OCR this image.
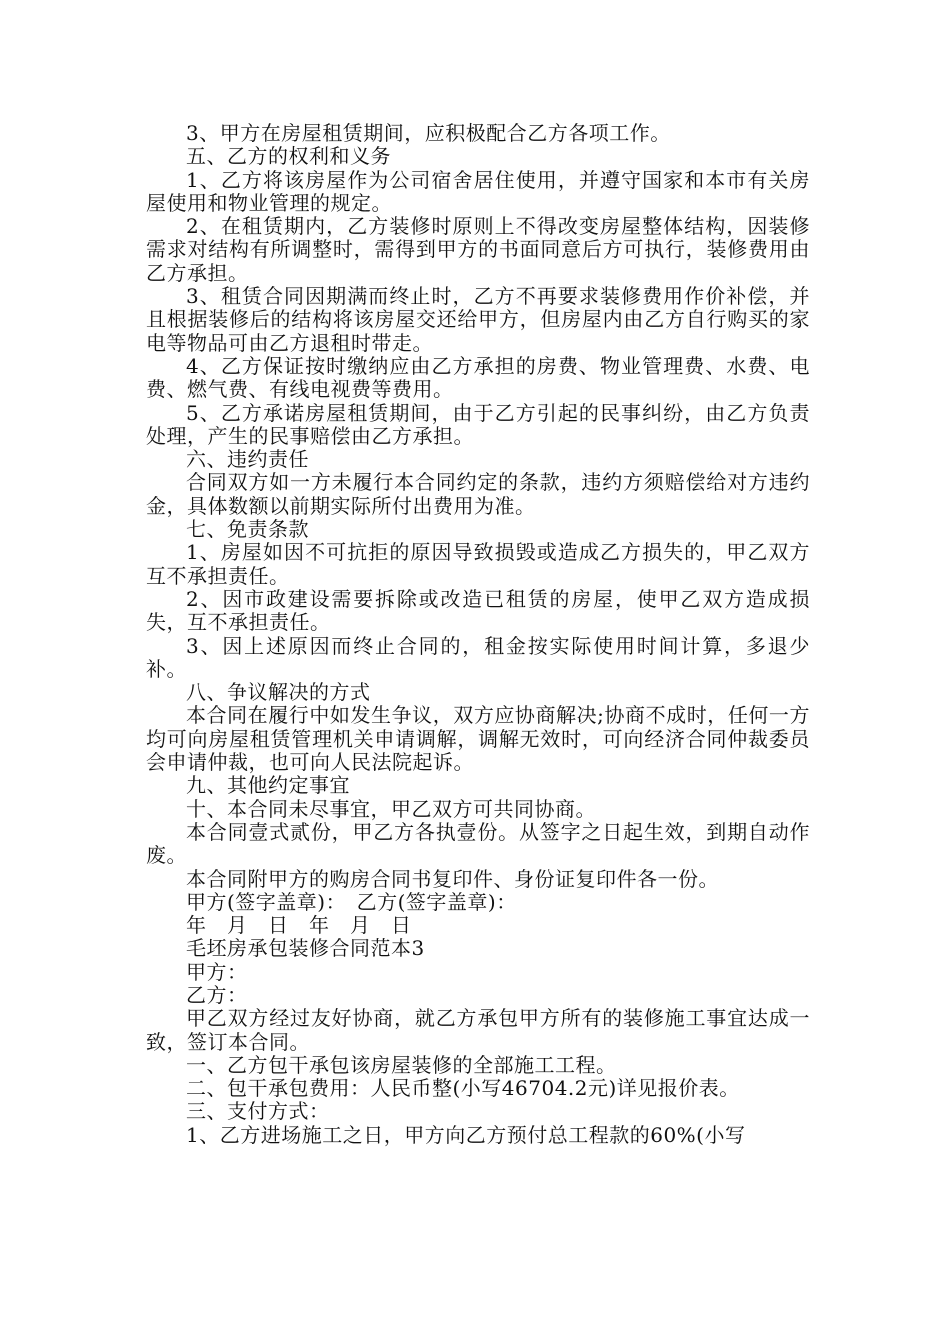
3、甲方在房屋租赁期间，应积极配合乙方各项工作。

五、乙方的权利和义务

1、乙方将该房屋作为公司宿舍居住使用，并遵守国家和本市有关房屋使用和物业管理的规定。

2、在租赁期内，乙方装修时原则上不得改变房屋整体结构，因装修需求对结构有所调整时，需得到甲方的书面同意后方可执行，装修费用由乙方承担。

3、租赁合同因期满而终止时，乙方不再要求装修费用作价补偿，并且根据装修后的结构将该房屋交还给甲方，但房屋内由乙方自行购买的家电等物品可由乙方退租时带走。

4、乙方保证按时缴纳应由乙方承担的房费、物业管理费、水费、电费、燃气费、有线电视费等费用。

5、乙方承诺房屋租赁期间，由于乙方引起的民事纠纷，由乙方负责处理，产生的民事赔偿由乙方承担。

六、违约责任

合同双方如一方未履行本合同约定的条款，违约方须赔偿给对方违约金，具体数额以前期实际所付出费用为准。

七、免责条款

1、房屋如因不可抗拒的原因导致损毁或造成乙方损失的，甲乙双方互不承担责任。

2、因市政建设需要拆除或改造已租赁的房屋，使甲乙双方造成损失，互不承担责任。

3、因上述原因而终止合同的，租金按实际使用时间计算，多退少补。

八、争议解决的方式

本合同在履行中如发生争议，双方应协商解决;协商不成时，任何一方均可向房屋租赁管理机关申请调解，调解无效时，可向经济合同仲裁委员会申请仲裁，也可向人民法院起诉。

九、其他约定事宜

十、本合同未尽事宜，甲乙双方可共同协商。

本合同壹式贰份，甲乙方各执壹份。从签字之日起生效，到期自动作废。

本合同附甲方的购房合同书复印件、身份证复印件各一份。

甲方(签字盖章)：　乙方(签字盖章)：

年　月　日　年　月　日

毛坯房承包装修合同范本3

甲方：

乙方：

甲乙双方经过友好协商，就乙方承包甲方所有的装修施工事宜达成一致，签订本合同。

一、乙方包干承包该房屋装修的全部施工工程。

二、包干承包费用：人民币整(小写46704.2元)详见报价表。

三、支付方式：

1、乙方进场施工之日，甲方向乙方预付总工程款的60%(小写
